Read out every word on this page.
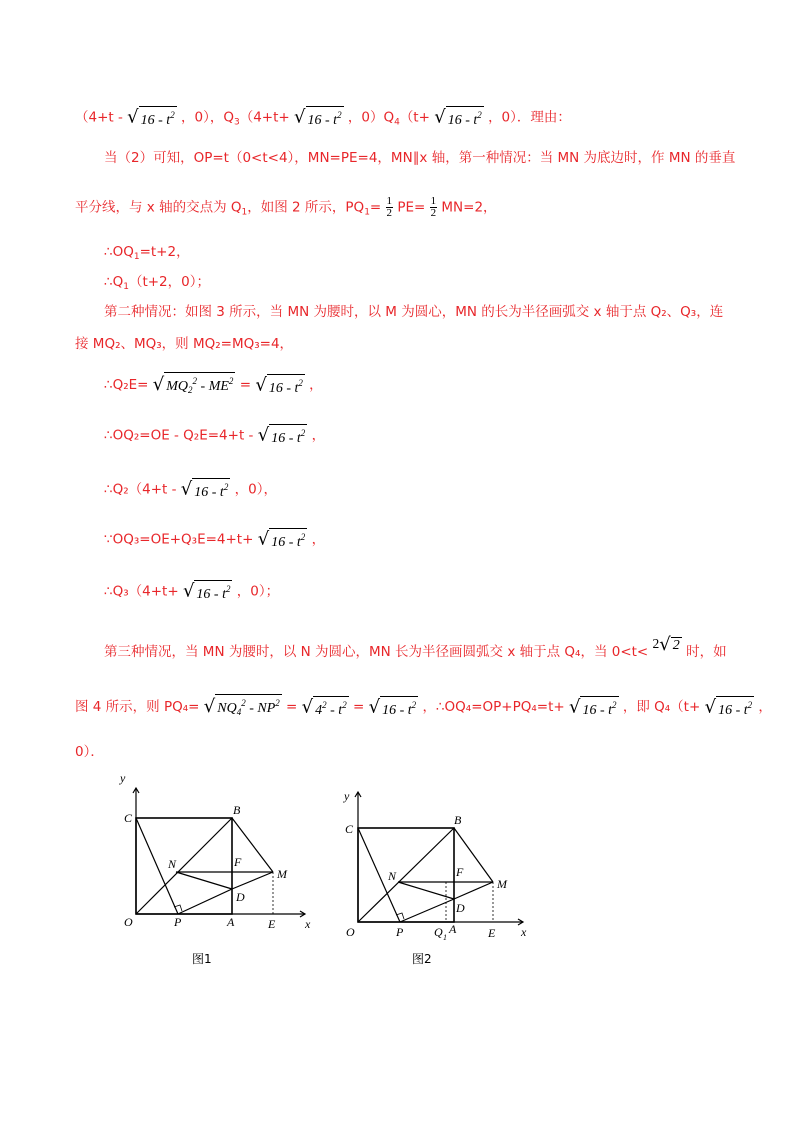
（4+t - √ $16 - t^2$ ，0），$Q_3(4+t+$ √ $16 - t^2$ ，$0)Q_4(t+$ √ $16 - t^2$ ，0）．理由：
当（2）可知，OP=t（0<t<4），MN=PE=4，MN∥x 轴，第一种情况：当 MN 为底边时，作 MN 的垂直
平分线，与 x 轴的交点为 $Q_1$，如图 2 所示，$PQ_1= \frac{1}{2} PE= \frac{1}{2} MN=2$，
$\therefore OQ_1=t+2$，
$\therefore Q_1(t+2$，0）；
第二种情况：如图 3 所示，当 MN 为腰时，以 M 为圆心，MN 的长为半径画弧交 x 轴于点 Q₂、Q₃，连
接 MQ₂、MQ₃，则 MQ₂=MQ₃=4，
∴Q₂E= √ $MQ_2^2 - ME^2$ = √ $16 - t^2$ ，
∴OQ₂=OE - Q₂E=4+t - √ $16 - t^2$ ，
∴Q₂（4+t - √ $16 - t^2$ ，0），
∵OQ₃=OE+Q₃E=4+t+ √ $16 - t^2$ ，
∴Q₃（4+t+ √ $16 - t^2$ ，0）；
第三种情况，当 MN 为腰时，以 N 为圆心，MN 长为半径画圆弧交 x 轴于点 Q₄，当 0<t< 2√ 2 时，如
图 4 所示，则 PQ₄= √ $NQ_4^2 - NP^2$ = √ $4^2 - t^2$ = √ $16 - t^2$ ，∴OQ₄=OP+PQ₄=t+ √ $16 - t^2$ ，即 Q₄（t+ √ $16 - t^2$ ，
0）．
y
x
C
B
N	F
M
D
O	P	A	E
图1
y
x
C
B
N	F
M
D
O	P	Q 1
A	E
图2
